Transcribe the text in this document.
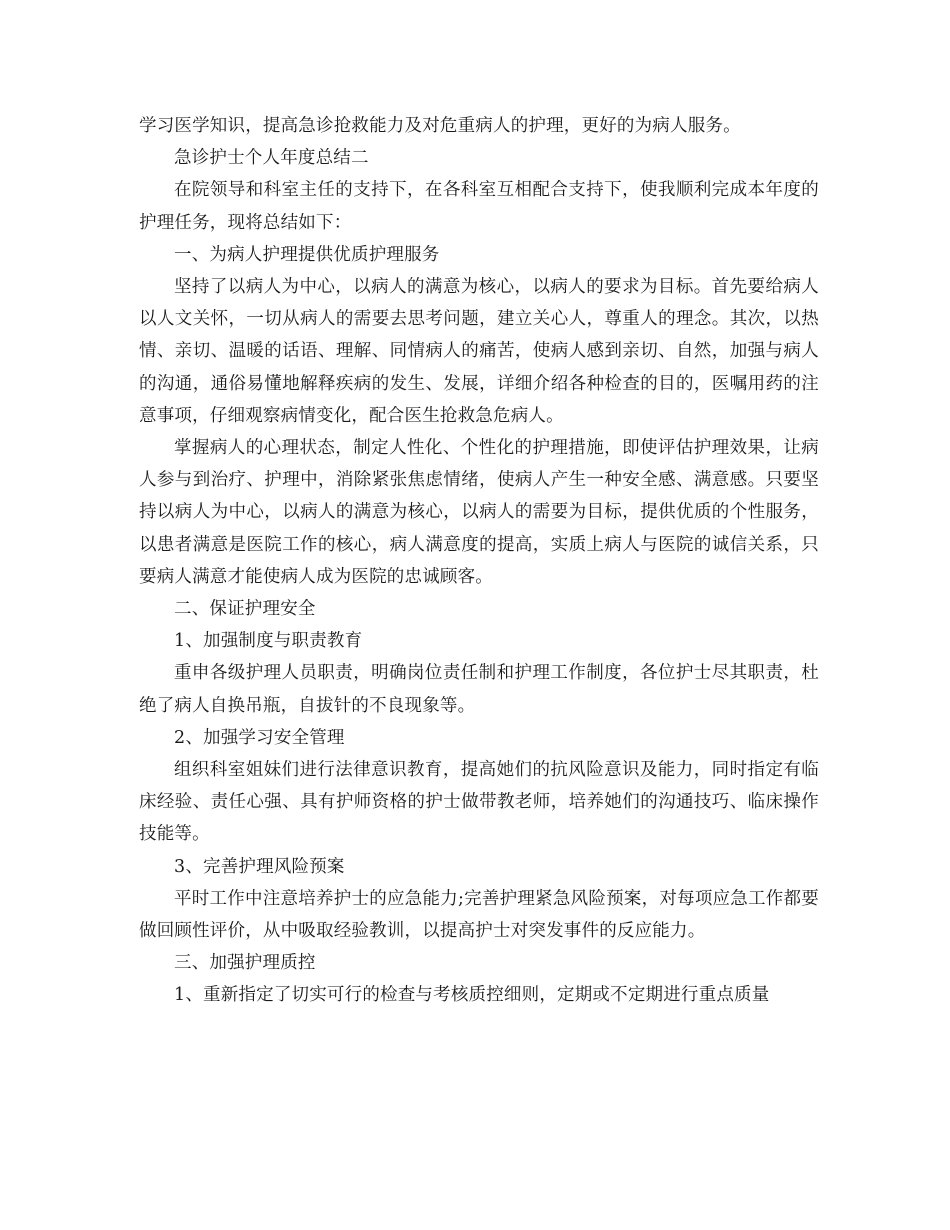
学习医学知识，提高急诊抢救能力及对危重病人的护理，更好的为病人服务。

急诊护士个人年度总结二

在院领导和科室主任的支持下，在各科室互相配合支持下，使我顺利完成本年度的护理任务，现将总结如下：

一、为病人护理提供优质护理服务

坚持了以病人为中心，以病人的满意为核心，以病人的要求为目标。首先要给病人以人文关怀，一切从病人的需要去思考问题，建立关心人，尊重人的理念。其次，以热情、亲切、温暖的话语、理解、同情病人的痛苦，使病人感到亲切、自然，加强与病人的沟通，通俗易懂地解释疾病的发生、发展，详细介绍各种检查的目的，医嘱用药的注意事项，仔细观察病情变化，配合医生抢救急危病人。

掌握病人的心理状态，制定人性化、个性化的护理措施，即使评估护理效果，让病人参与到治疗、护理中，消除紧张焦虑情绪，使病人产生一种安全感、满意感。只要坚持以病人为中心，以病人的满意为核心，以病人的需要为目标，提供优质的个性服务，以患者满意是医院工作的核心，病人满意度的提高，实质上病人与医院的诚信关系，只要病人满意才能使病人成为医院的忠诚顾客。

二、保证护理安全

1、加强制度与职责教育

重申各级护理人员职责，明确岗位责任制和护理工作制度，各位护士尽其职责，杜绝了病人自换吊瓶，自拔针的不良现象等。

2、加强学习安全管理

组织科室姐妹们进行法律意识教育，提高她们的抗风险意识及能力，同时指定有临床经验、责任心强、具有护师资格的护士做带教老师，培养她们的沟通技巧、临床操作技能等。

3、完善护理风险预案

平时工作中注意培养护士的应急能力;完善护理紧急风险预案，对每项应急工作都要做回顾性评价，从中吸取经验教训，以提高护士对突发事件的反应能力。

三、加强护理质控

1、重新指定了切实可行的检查与考核质控细则，定期或不定期进行重点质量
